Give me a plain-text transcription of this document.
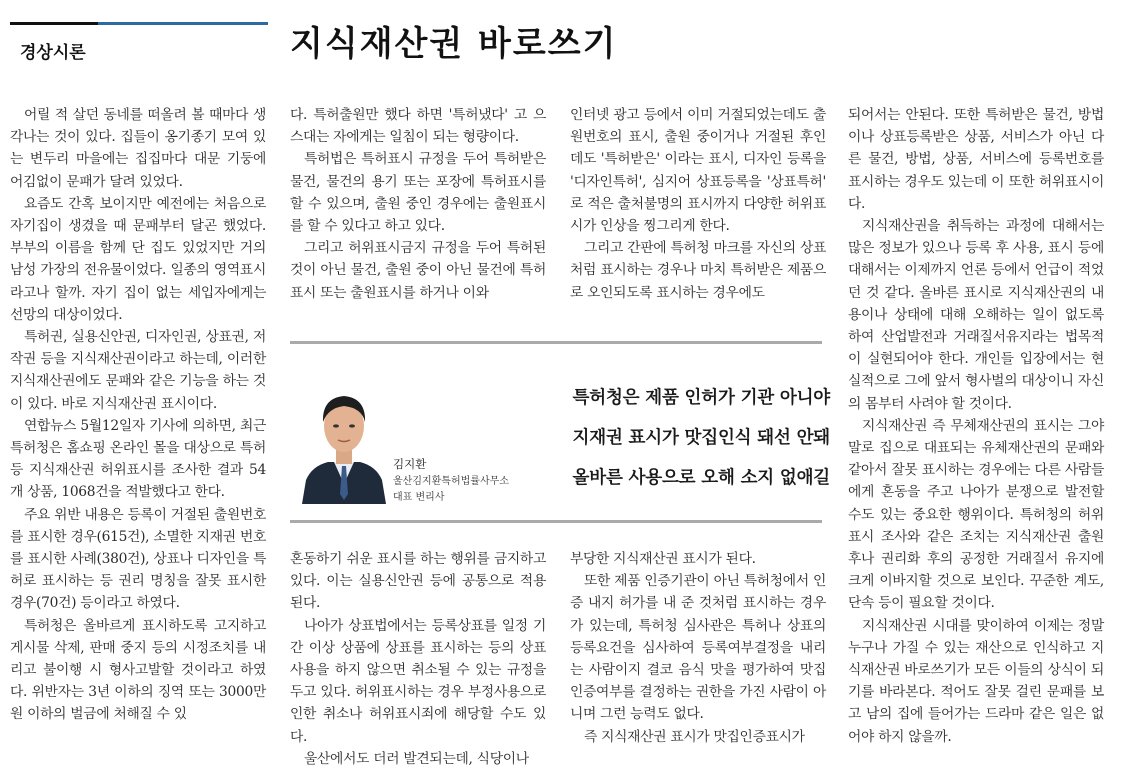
경상시론	지식재산권 바로쓰기

어릴 적 살던 동네를 떠올려 볼 때마다 생각나는 것이 있다. 집들이 옹기종기 모여 있는 변두리 마을에는 집집마다 대문 기둥에 어김없이 문패가 달려 있었다.

요즘도 간혹 보이지만 예전에는 처음으로 자기집이 생겼을 때 문패부터 달곤 했었다. 부부의 이름을 함께 단 집도 있었지만 거의 남성 가장의 전유물이었다. 일종의 영역표시라고나 할까. 자기 집이 없는 세입자에게는 선망의 대상이었다.

특허권, 실용신안권, 디자인권, 상표권, 저작권 등을 지식재산권이라고 하는데, 이러한 지식재산권에도 문패와 같은 기능을 하는 것이 있다. 바로 지식재산권 표시이다.

연합뉴스 5월12일자 기사에 의하면, 최근 특허청은 홈쇼핑 온라인 몰을 대상으로 특허 등 지식재산권 허위표시를 조사한 결과 54개 상품, 1068건을 적발했다고 한다.

주요 위반 내용은 등록이 거절된 출원번호를 표시한 경우(615건), 소멸한 지재권 번호를 표시한 사례(380건), 상표나 디자인을 특허로 표시하는 등 권리 명칭을 잘못 표시한 경우(70건) 등이라고 하였다.

특허청은 올바르게 표시하도록 고지하고 게시물 삭제, 판매 중지 등의 시정조치를 내리고 불이행 시 형사고발할 것이라고 하였다. 위반자는 3년 이하의 징역 또는 3000만원 이하의 벌금에 처해질 수 있

다. 특허출원만 했다 하면 '특허냈다' 고 으스대는 자에게는 일침이 되는 형량이다.

특허법은 특허표시 규정을 두어 특허받은 물건, 물건의 용기 또는 포장에 특허표시를 할 수 있으며, 출원 중인 경우에는 출원표시를 할 수 있다고 하고 있다.

그리고 허위표시금지 규정을 두어 특허된 것이 아닌 물건, 출원 중이 아닌 물건에 특허표시 또는 출원표시를 하거나 이와

인터넷 광고 등에서 이미 거절되었는데도 출원번호의 표시, 출원 중이거나 거절된 후인데도 '특허받은' 이라는 표시, 디자인 등록을 '디자인특허', 심지어 상표등록을 '상표특허' 로 적은 출처불명의 표시까지 다양한 허위표시가 인상을 찡그리게 한다.

그리고 간판에 특허청 마크를 자신의 상표처럼 표시하는 경우나 마치 특허받은 제품으로 오인되도록 표시하는 경우에도

김지환
울산김지환특허법률사무소
대표 변리사
특허청은 제품 인허가 기관 아니야
지재권 표시가 맛집인식 돼선 안돼
올바른 사용으로 오해 소지 없애길

혼동하기 쉬운 표시를 하는 행위를 금지하고 있다. 이는 실용신안권 등에 공통으로 적용된다.

나아가 상표법에서는 등록상표를 일정 기간 이상 상품에 상표를 표시하는 등의 상표 사용을 하지 않으면 취소될 수 있는 규정을 두고 있다. 허위표시하는 경우 부정사용으로 인한 취소나 허위표시죄에 해당할 수도 있다.

울산에서도 더러 발견되는데, 식당이나

부당한 지식재산권 표시가 된다.

또한 제품 인증기관이 아닌 특허청에서 인증 내지 허가를 내 준 것처럼 표시하는 경우가 있는데, 특허청 심사관은 특허나 상표의 등록요건을 심사하여 등록여부결정을 내리는 사람이지 결코 음식 맛을 평가하여 맛집 인증여부를 결정하는 권한을 가진 사람이 아니며 그런 능력도 없다.

즉 지식재산권 표시가 맛집인증표시가

되어서는 안된다. 또한 특허받은 물건, 방법이나 상표등록받은 상품, 서비스가 아닌 다른 물건, 방법, 상품, 서비스에 등록번호를 표시하는 경우도 있는데 이 또한 허위표시이다.

지식재산권을 취득하는 과정에 대해서는 많은 정보가 있으나 등록 후 사용, 표시 등에 대해서는 이제까지 언론 등에서 언급이 적었던 것 같다. 올바른 표시로 지식재산권의 내용이나 상태에 대해 오해하는 일이 없도록 하여 산업발전과 거래질서유지라는 법목적이 실현되어야 한다. 개인들 입장에서는 현실적으로 그에 앞서 형사벌의 대상이니 자신의 몸부터 사려야 할 것이다.

지식재산권 즉 무체재산권의 표시는 그야말로 집으로 대표되는 유체재산권의 문패와 같아서 잘못 표시하는 경우에는 다른 사람들에게 혼동을 주고 나아가 분쟁으로 발전할 수도 있는 중요한 행위이다. 특허청의 허위표시 조사와 같은 조치는 지식재산권 출원 후나 권리화 후의 공정한 거래질서 유지에 크게 이바지할 것으로 보인다. 꾸준한 계도, 단속 등이 필요할 것이다.

지식재산권 시대를 맞이하여 이제는 정말 누구나 가질 수 있는 재산으로 인식하고 지식재산권 바로쓰기가 모든 이들의 상식이 되기를 바라본다. 적어도 잘못 걸린 문패를 보고 남의 집에 들어가는 드라마 같은 일은 없어야 하지 않을까.
